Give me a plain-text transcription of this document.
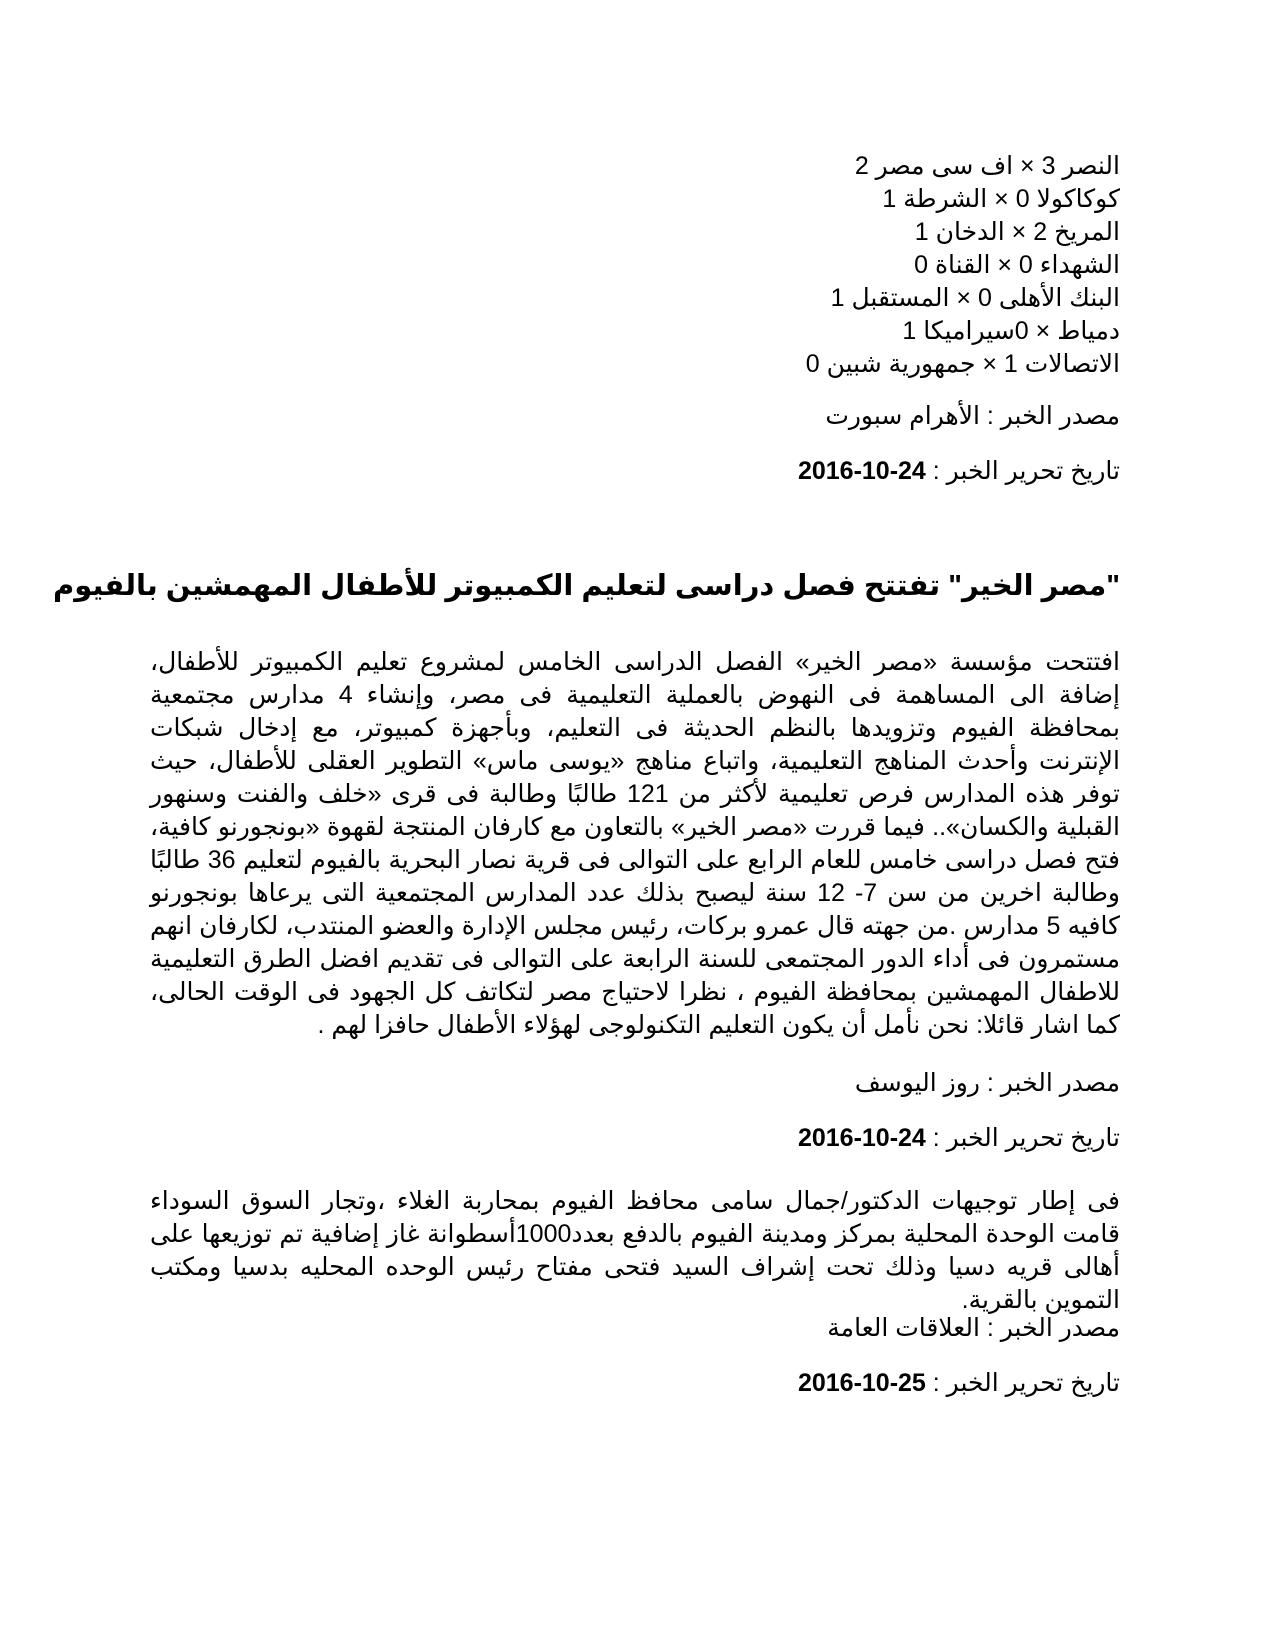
النصر 3 × اف سى مصر 2
كوكاكولا 0 × الشرطة 1
المريخ 2 × الدخان 1
الشهداء 0 × القناة 0
البنك الأهلى 0 × المستقبل 1
دمياط × 0سيراميكا 1
الاتصالات 1 × جمهورية شبين 0
مصدر الخبر : الأهرام سبورت
تاريخ تحرير الخبر : 2016-10-24
"مصر الخير" تفتتح فصل دراسى لتعليم الكمبيوتر للأطفال المهمشين بالفيوم
افتتحت مؤسسة «مصر الخير» الفصل الدراسى الخامس لمشروع تعليم الكمبيوتر للأطفال، إضافة الى المساهمة فى النهوض بالعملية التعليمية فى مصر، وإنشاء 4 مدارس مجتمعية بمحافظة الفيوم وتزويدها بالنظم الحديثة فى التعليم، وبأجهزة كمبيوتر، مع إدخال شبكات الإنترنت وأحدث المناهج التعليمية، واتباع مناهج «يوسى ماس» التطوير العقلى للأطفال، حيث توفر هذه المدارس فرص تعليمية لأكثر من 121 طالبًا وطالبة فى قرى «خلف والفنت وسنهور القبلية والكسان».. فيما قررت «مصر الخير» بالتعاون مع كارفان المنتجة لقهوة «بونجورنو كافية، فتح فصل دراسى خامس للعام الرابع على التوالى فى قرية نصار البحرية بالفيوم لتعليم 36 طالبًا وطالبة اخرين من سن 7- 12 سنة ليصبح بذلك عدد المدارس المجتمعية التى يرعاها بونجورنو كافيه 5 مدارس .من جهته قال عمرو بركات، رئيس مجلس الإدارة والعضو المنتدب، لكارفان انهم مستمرون فى أداء الدور المجتمعى للسنة الرابعة على التوالى فى تقديم افضل الطرق التعليمية للاطفال المهمشين بمحافظة الفيوم ، نظرا لاحتياج مصر لتكاتف كل الجهود فى الوقت الحالى، كما اشار قائلا: نحن نأمل أن يكون التعليم التكنولوجى لهؤلاء الأطفال حافزا لهم .
مصدر الخبر : روز اليوسف
تاريخ تحرير الخبر : 2016-10-24
فى إطار توجيهات الدكتور/جمال سامى محافظ الفيوم بمحاربة الغلاء ،وتجار السوق السوداء قامت الوحدة المحلية بمركز ومدينة الفيوم بالدفع بعدد1000أسطوانة غاز إضافية تم توزيعها على أهالى قريه دسيا وذلك تحت إشراف السيد فتحى مفتاح رئيس الوحده المحليه بدسيا ومكتب التموين بالقرية.
مصدر الخبر : العلاقات العامة
تاريخ تحرير الخبر : 2016-10-25
